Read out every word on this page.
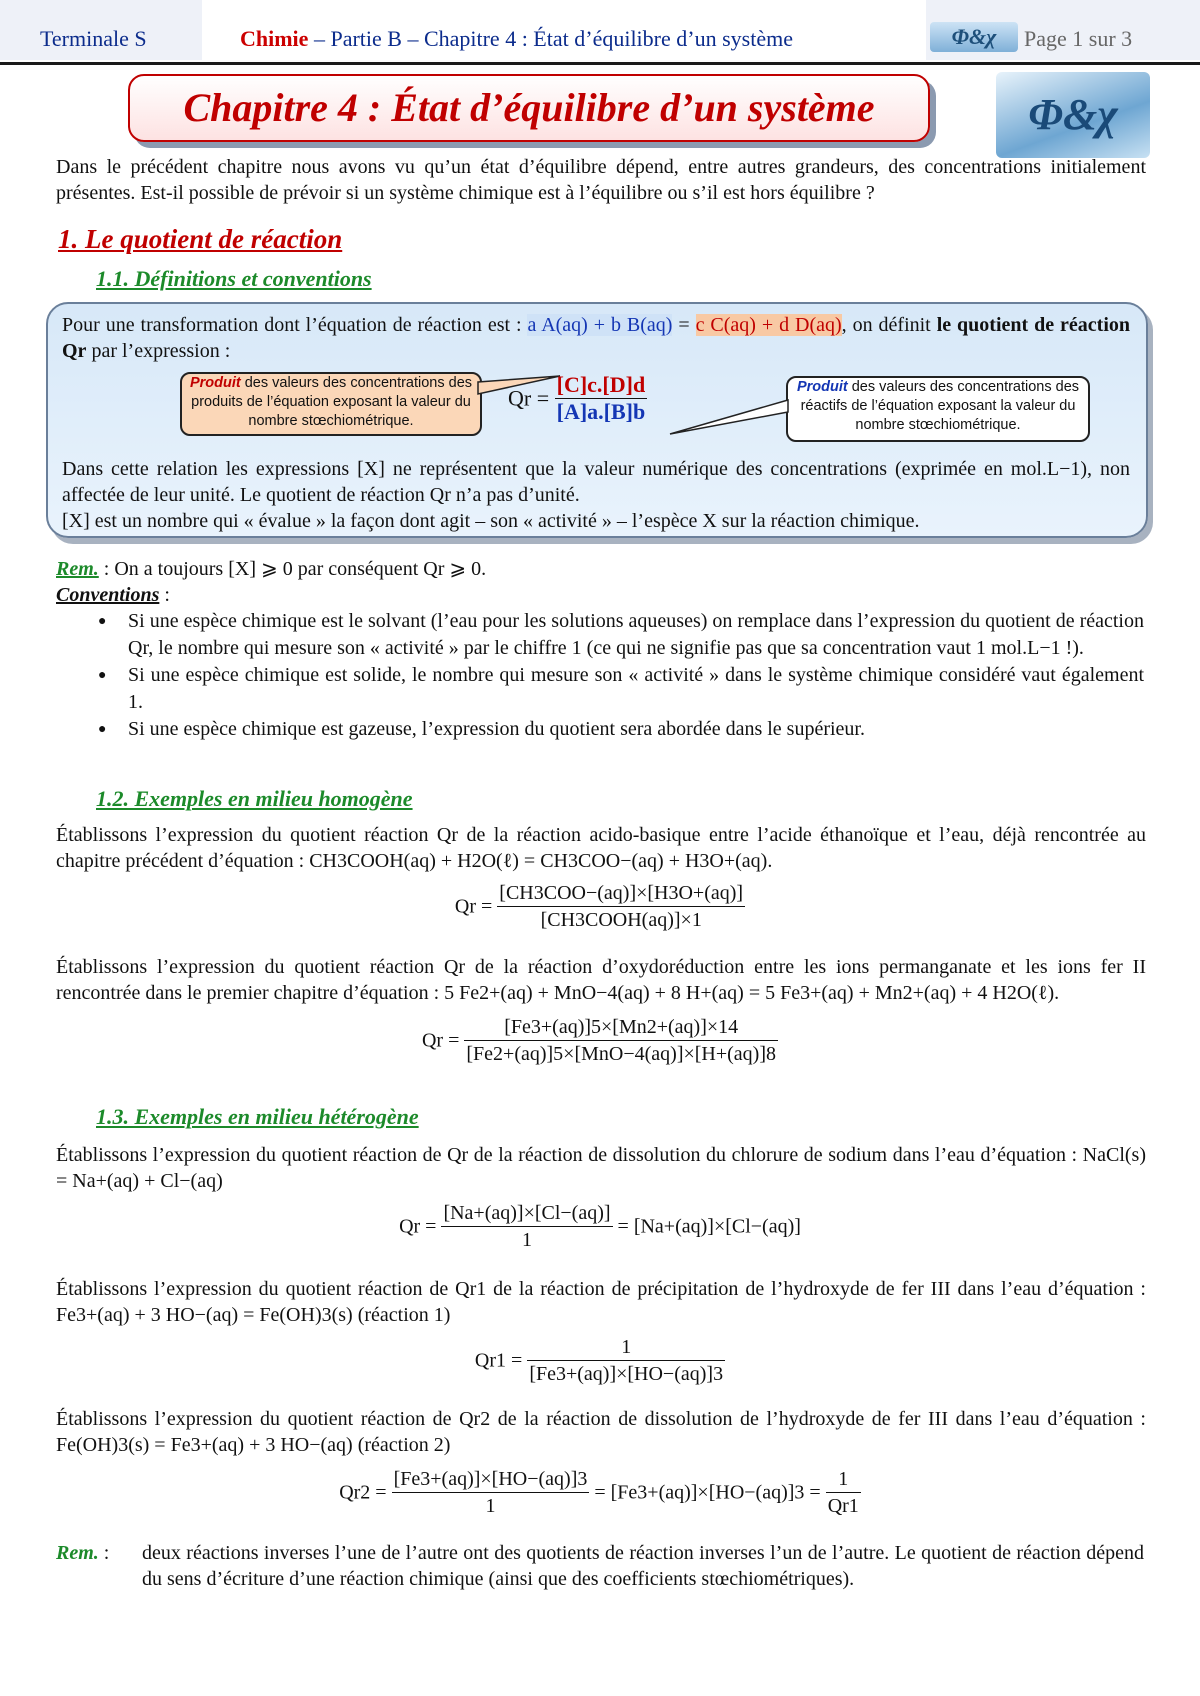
Terminale S	Chimie – Partie B – Chapitre 4 : État d’équilibre d’un système	Φ&χ	Page 1 sur 3
Chapitre 4 : État d’équilibre d’un système	Φ&χ
Dans le précédent chapitre nous avons vu qu’un état d’équilibre dépend, entre autres grandeurs, des concentrations initialement présentes. Est-il possible de prévoir si un système chimique est à l’équilibre ou s’il est hors équilibre ?
1. Le quotient de réaction
1.1. Définitions et conventions
Pour une transformation dont l’équation de réaction est : a A(aq) + b B(aq) = c C(aq) + d D(aq), on définit le quotient de réaction Qr par l’expression :
Produit des valeurs des concentrations des produits de l’équation exposant la valeur du nombre stœchiométrique.
Produit des valeurs des concentrations des réactifs de l’équation exposant la valeur du nombre stœchiométrique.
$Qr = \frac{[C]c.[D]d}{[A]a.[B]b}$
Dans cette relation les expressions [X] ne représentent que la valeur numérique des concentrations (exprimée en mol.L−1), non affectée de leur unité. Le quotient de réaction Qr n’a pas d’unité.
[X] est un nombre qui « évalue » la façon dont agit – son « activité » – l’espèce X sur la réaction chimique.
Rem. : On a toujours [X] ⩾ 0 par conséquent Qr ⩾ 0.
Conventions :
● Si une espèce chimique est le solvant (l’eau pour les solutions aqueuses) on remplace dans l’expression du quotient de réaction Qr, le nombre qui mesure son « activité » par le chiffre 1 (ce qui ne signifie pas que sa concentration vaut 1 mol.L−1 !).
● Si une espèce chimique est solide, le nombre qui mesure son « activité » dans le système chimique considéré vaut également 1.
● Si une espèce chimique est gazeuse, l’expression du quotient sera abordée dans le supérieur.
1.2. Exemples en milieu homogène
Établissons l’expression du quotient réaction Qr de la réaction acido-basique entre l’acide éthanoïque et l’eau, déjà rencontrée au chapitre précédent d’équation : CH3COOH(aq) + H2O(ℓ) = CH3COO−(aq) + H3O+(aq).
Qr =
[CH3COO−(aq)]×[H3O+(aq)]
[CH3COOH(aq)]×1
Établissons l’expression du quotient réaction Qr de la réaction d’oxydoréduction entre les ions permanganate et les ions fer II rencontrée dans le premier chapitre d’équation : 5 Fe2+(aq) + MnO−4(aq) + 8 H+(aq) = 5 Fe3+(aq) + Mn2+(aq) + 4 H2O(ℓ).
Qr =
[Fe3+(aq)]5×[Mn2+(aq)]×14
[Fe2+(aq)]5×[MnO−4(aq)]×[H+(aq)]8
1.3. Exemples en milieu hétérogène
Établissons l’expression du quotient réaction de Qr de la réaction de dissolution du chlorure de sodium dans l’eau d’équation : NaCl(s) = Na+(aq) + Cl−(aq)
$Qr = \frac{[Na+(aq)]\times[Cl-(aq)]}{1} = [Na+(aq)]\times[Cl-(aq)]$
Établissons l’expression du quotient réaction de Qr1 de la réaction de précipitation de l’hydroxyde de fer III dans l’eau d’équation : Fe3+(aq) + 3 HO−(aq) = Fe(OH)3(s) (réaction 1)
$Qr1 = \frac{1}{[Fe3+(aq)]\times[HO-(aq)]3}$
Établissons l’expression du quotient réaction de Qr2 de la réaction de dissolution de l’hydroxyde de fer III dans l’eau d’équation : Fe(OH)3(s) = Fe3+(aq) + 3 HO−(aq) (réaction 2)
$Qr2 = \frac{[Fe3+(aq)]\times[HO-(aq)]3}{1} = [Fe3+(aq)]\times[HO-(aq)]3 = \frac{1}{Qr1}$
Rem. : deux réactions inverses l’une de l’autre ont des quotients de réaction inverses l’un de l’autre. Le quotient de réaction dépend du sens d’écriture d’une réaction chimique (ainsi que des coefficients stœchiométriques).
